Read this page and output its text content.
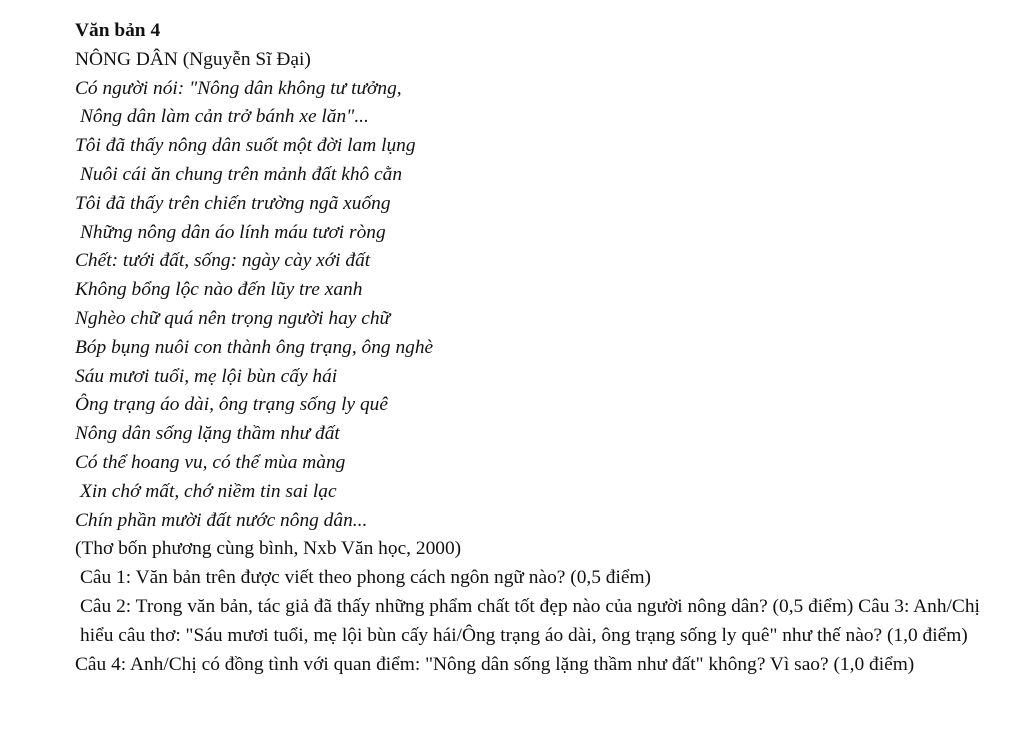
Văn bản 4
NÔNG DÂN (Nguyễn Sĩ Đại)
Có người nói: "Nông dân không tư tưởng,
Nông dân làm cản trở bánh xe lăn"...
Tôi đã thấy nông dân suốt một đời lam lụng
Nuôi cái ăn chung trên mảnh đất khô cằn
Tôi đã thấy trên chiến trường ngã xuống
Những nông dân áo lính máu tươi ròng
Chết: tưới đất, sống: ngày cày xới đất
Không bổng lộc nào đến lũy tre xanh
Nghèo chữ quá nên trọng người hay chữ
Bóp bụng nuôi con thành ông trạng, ông nghè
Sáu mươi tuổi, mẹ lội bùn cấy hái
Ông trạng áo dài, ông trạng sống ly quê
Nông dân sống lặng thầm như đất
Có thể hoang vu, có thể mùa màng
Xin chớ mất, chớ niềm tin sai lạc
Chín phần mười đất nước nông dân...
(Thơ bốn phương cùng bình, Nxb Văn học, 2000)
Câu 1: Văn bản trên được viết theo phong cách ngôn ngữ nào? (0,5 điểm)
Câu 2: Trong văn bản, tác giả đã thấy những phẩm chất tốt đẹp nào của người nông dân? (0,5 điểm) Câu 3: Anh/Chị hiểu câu thơ: "Sáu mươi tuổi, mẹ lội bùn cấy hái/Ông trạng áo dài, ông trạng sống ly quê" như thế nào? (1,0 điểm)
Câu 4: Anh/Chị có đồng tình với quan điểm: "Nông dân sống lặng thầm như đất" không? Vì sao? (1,0 điểm)
